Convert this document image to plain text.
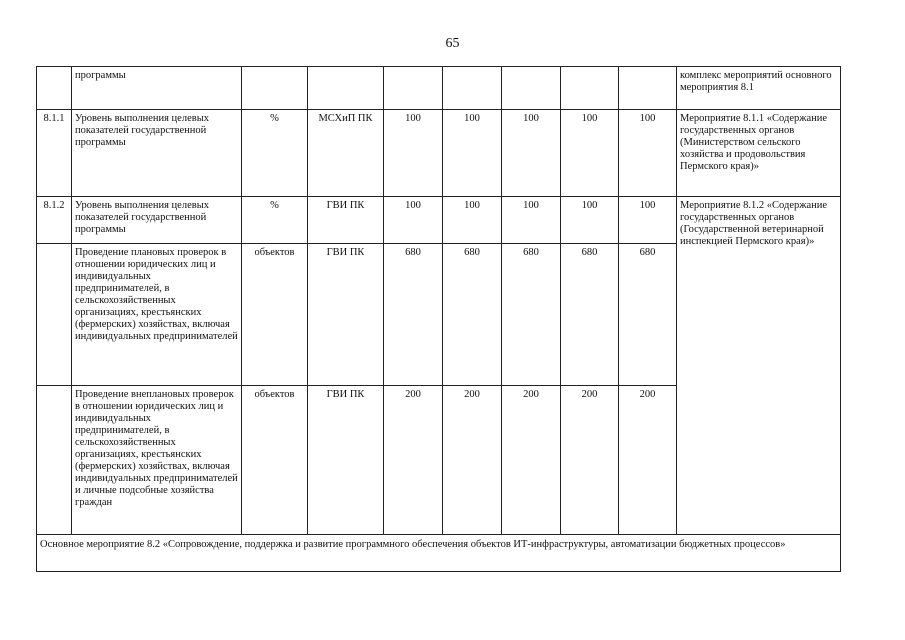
65
	программы								комплекс мероприятий основного мероприятия 8.1
8.1.1	Уровень выполнения целевых показателей государственной программы	%	МСХиП ПК	100	100	100	100	100	Мероприятие 8.1.1 «Содержание государственных органов (Министерством сельского хозяйства и продовольствия Пермского края)»
8.1.2	Уровень выполнения целевых показателей государственной программы	%	ГВИ ПК	100	100	100	100	100	Мероприятие 8.1.2 «Содержание государственных органов (Государственной ветеринарной инспекцией Пермского края)»
	Проведение плановых проверок в отношении юридических лиц и индивидуальных предпринимателей, в сельскохозяйственных организациях, крестьянских (фермерских) хозяйствах, включая индивидуальных предпринимателей	объектов	ГВИ ПК	680	680	680	680	680	
	Проведение внеплановых проверок в отношении юридических лиц и индивидуальных предпринимателей, в сельскохозяйственных организациях, крестьянских (фермерских) хозяйствах, включая индивидуальных предпринимателей и личные подсобные хозяйства граждан	объектов	ГВИ ПК	200	200	200	200	200	
Основное мероприятие 8.2 «Сопровождение, поддержка и развитие программного обеспечения объектов ИТ-инфраструктуры, автоматизации бюджетных процессов»									
